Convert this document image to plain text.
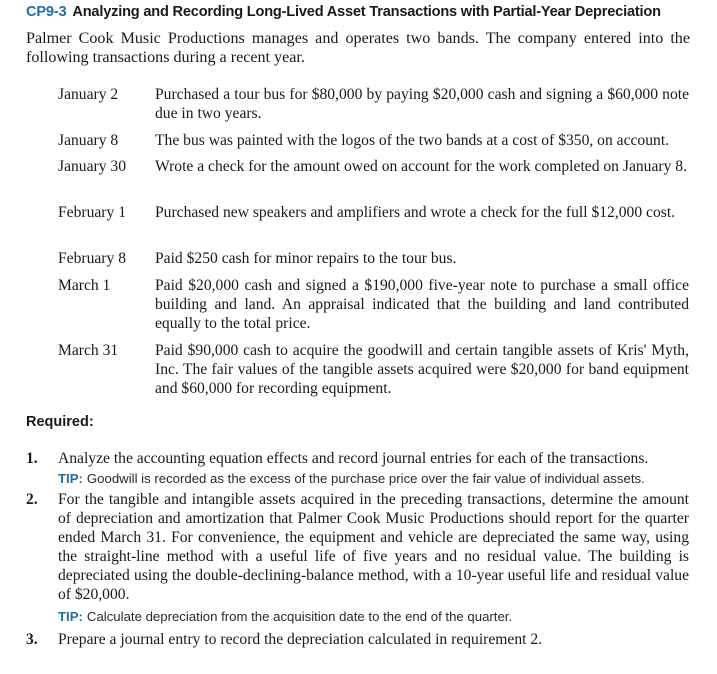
CP9-3 Analyzing and Recording Long-Lived Asset Transactions with Partial-Year Depreciation
Palmer Cook Music Productions manages and operates two bands. The company entered into the following transactions during a recent year.
January 2	Purchased a tour bus for $80,000 by paying $20,000 cash and signing a $60,000 note due in two years.
January 8	The bus was painted with the logos of the two bands at a cost of $350, on account.
January 30	Wrote a check for the amount owed on account for the work completed on January 8.
February 1	Purchased new speakers and amplifiers and wrote a check for the full $12,000 cost.
February 8	Paid $250 cash for minor repairs to the tour bus.
March 1	Paid $20,000 cash and signed a $190,000 five-year note to purchase a small office building and land. An appraisal indicated that the building and land contributed equally to the total price.
March 31	Paid $90,000 cash to acquire the goodwill and certain tangible assets of Kris' Myth, Inc. The fair values of the tangible assets acquired were $20,000 for band equipment and $60,000 for recording equipment.
Required:
1.	Analyze the accounting equation effects and record journal entries for each of the transactions.
TIP: Goodwill is recorded as the excess of the purchase price over the fair value of individual assets.
2.	For the tangible and intangible assets acquired in the preceding transactions, determine the amount of depreciation and amortization that Palmer Cook Music Productions should report for the quarter ended March 31. For convenience, the equipment and vehicle are depreciated the same way, using the straight-line method with a useful life of five years and no residual value. The building is depreciated using the double-declining-balance method, with a 10-year useful life and residual value of $20,000.
TIP: Calculate depreciation from the acquisition date to the end of the quarter.
3.	Prepare a journal entry to record the depreciation calculated in requirement 2.
